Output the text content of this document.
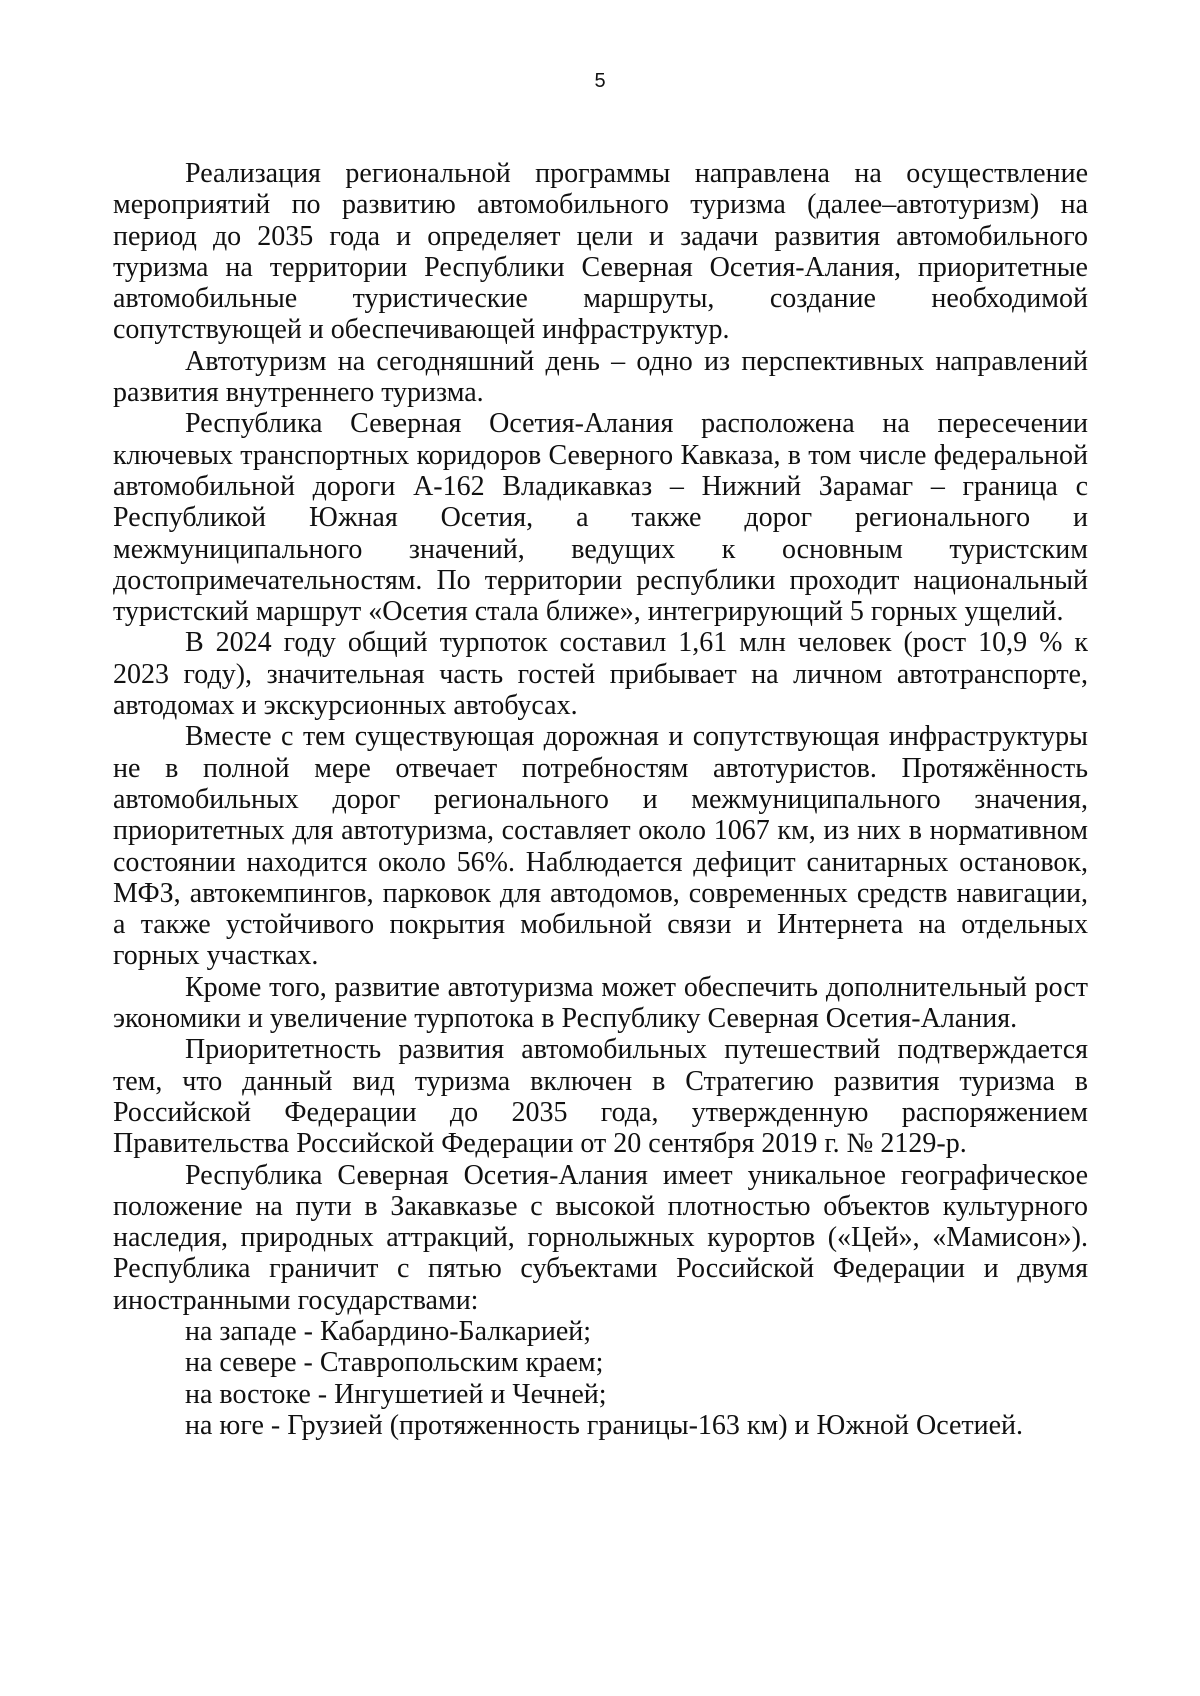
5

Реализация региональной программы направлена на осуществление мероприятий по развитию автомобильного туризма (далее–автотуризм) на период до 2035 года и определяет цели и задачи развития автомобильного туризма на территории Республики Северная Осетия-Алания, приоритетные автомобильные туристические маршруты, создание необходимой сопутствующей и обеспечивающей инфраструктур.

Автотуризм на сегодняшний день – одно из перспективных направлений развития внутреннего туризма.

Республика Северная Осетия-Алания расположена на пересечении ключевых транспортных коридоров Северного Кавказа, в том числе федеральной автомобильной дороги А-162 Владикавказ – Нижний Зарамаг – граница с Республикой Южная Осетия, а также дорог регионального и межмуниципального значений, ведущих к основным туристским достопримечательностям. По территории республики проходит национальный туристский маршрут «Осетия стала ближе», интегрирующий 5 горных ущелий.

В 2024 году общий турпоток составил 1,61 млн человек (рост 10,9 % к 2023 году), значительная часть гостей прибывает на личном автотранспорте, автодомах и экскурсионных автобусах.

Вместе с тем существующая дорожная и сопутствующая инфраструктуры не в полной мере отвечает потребностям автотуристов. Протяжённость автомобильных дорог регионального и межмуниципального значения, приоритетных для автотуризма, составляет около 1067 км, из них в нормативном состоянии находится около 56%. Наблюдается дефицит санитарных остановок, МФЗ, автокемпингов, парковок для автодомов, современных средств навигации, а также устойчивого покрытия мобильной связи и Интернета на отдельных горных участках.

Кроме того, развитие автотуризма может обеспечить дополнительный рост экономики и увеличение турпотока в Республику Северная Осетия-Алания.

Приоритетность развития автомобильных путешествий подтверждается тем, что данный вид туризма включен в Стратегию развития туризма в Российской Федерации до 2035 года, утвержденную распоряжением Правительства Российской Федерации от 20 сентября 2019 г. № 2129-р.

Республика Северная Осетия-Алания имеет уникальное географическое положение на пути в Закавказье с высокой плотностью объектов культурного наследия, природных аттракций, горнолыжных курортов («Цей», «Мамисон»). Республика граничит с пятью субъектами Российской Федерации и двумя иностранными государствами:

на западе - Кабардино-Балкарией;

на севере - Ставропольским краем;

на востоке - Ингушетией и Чечней;

на юге - Грузией (протяженность границы-163 км) и Южной Осетией.
